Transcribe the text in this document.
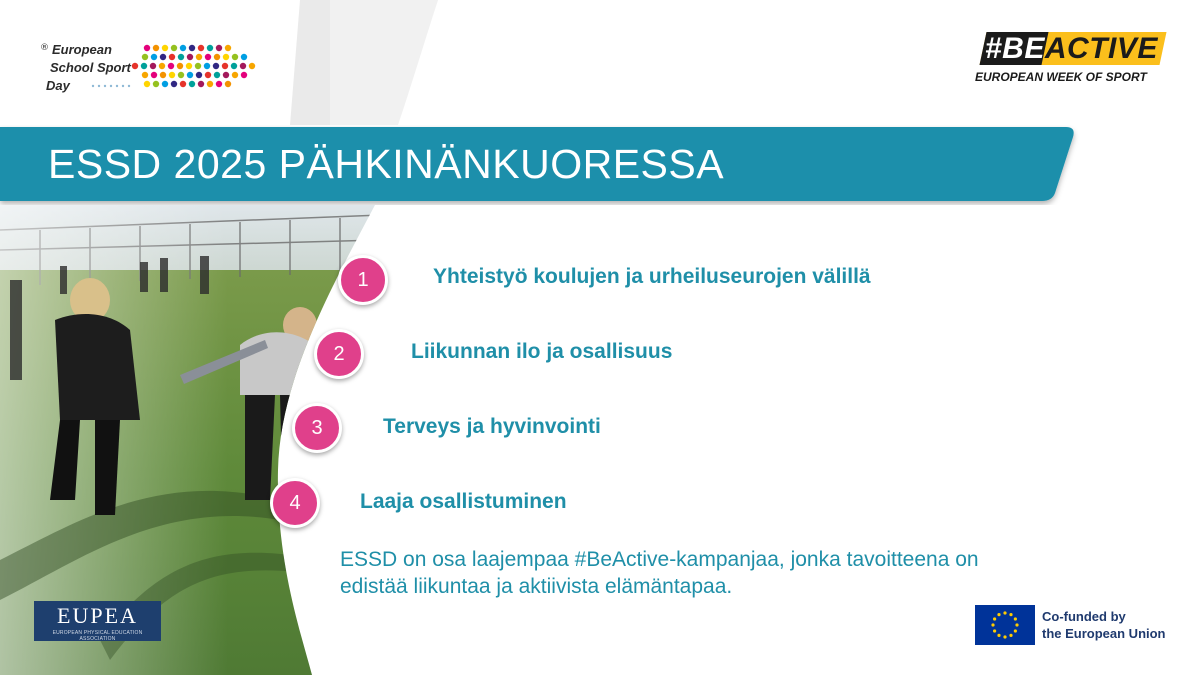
® European
School Sport
Day
#BEACTIVE
EUROPEAN WEEK OF SPORT
ESSD 2025 PÄHKINÄNKUORESSA
1	Yhteistyö koulujen ja urheiluseurojen välillä
2	Liikunnan ilo ja osallisuus
3	Terveys ja hyvinvointi
4	Laaja osallistuminen
ESSD on osa laajempaa #BeActive-kampanjaa, jonka tavoitteena on edistää liikuntaa ja aktiivista elämäntapaa.
EUPEA
EUROPEAN PHYSICAL EDUCATION ASSOCIATION
Co-funded by
the European Union
